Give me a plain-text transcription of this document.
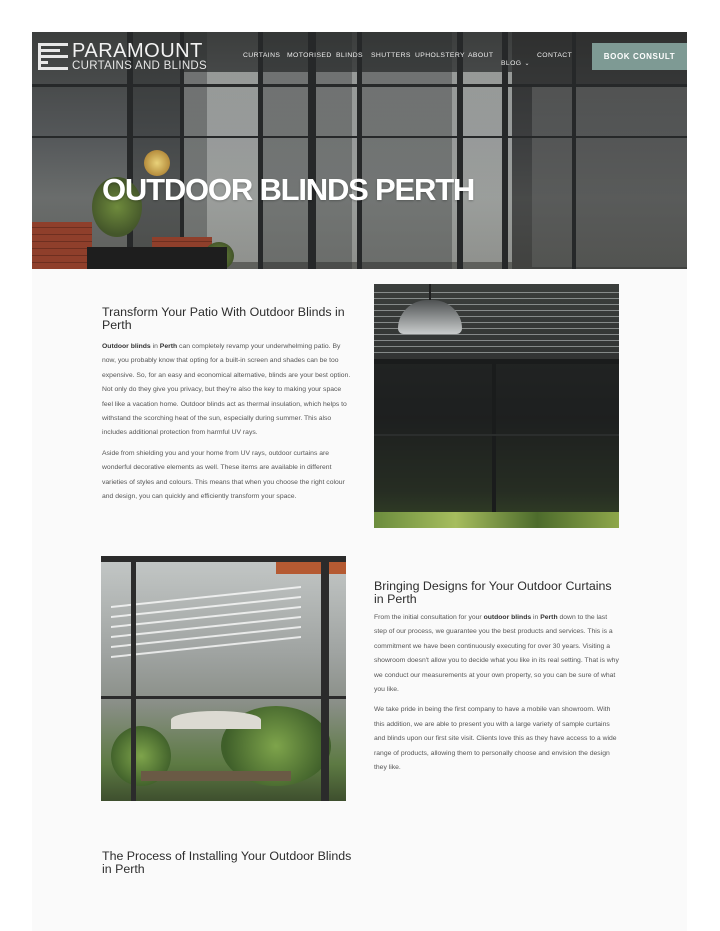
PARAMOUNT
CURTAINS AND BLINDS
CURTAINS MOTORISED BLINDS SHUTTERS UPHOLSTERY ABOUT
BLOG ⌄
CONTACT	BOOK CONSULT
OUTDOOR BLINDS PERTH
Transform Your Patio With Outdoor Blinds in Perth

Outdoor blinds in Perth can completely revamp your underwhelming patio. By now, you probably know that opting for a built-in screen and shades can be too expensive. So, for an easy and economical alternative, blinds are your best option. Not only do they give you privacy, but they're also the key to making your space feel like a vacation home. Outdoor blinds act as thermal insulation, which helps to withstand the scorching heat of the sun, especially during summer. This also includes additional protection from harmful UV rays.

Aside from shielding you and your home from UV rays, outdoor curtains are wonderful decorative elements as well. These items are available in different varieties of styles and colours. This means that when you choose the right colour and design, you can quickly and efficiently transform your space.

Bringing Designs for Your Outdoor Curtains in Perth

From the initial consultation for your outdoor blinds in Perth down to the last step of our process, we guarantee you the best products and services. This is a commitment we have been continuously executing for over 30 years. Visiting a showroom doesn't allow you to decide what you like in its real setting. That is why we conduct our measurements at your own property, so you can be sure of what you like.

We take pride in being the first company to have a mobile van showroom. With this addition, we are able to present you with a large variety of sample curtains and blinds upon our first site visit. Clients love this as they have access to a wide range of products, allowing them to personally choose and envision the design they like.

The Process of Installing Your Outdoor Blinds in Perth
